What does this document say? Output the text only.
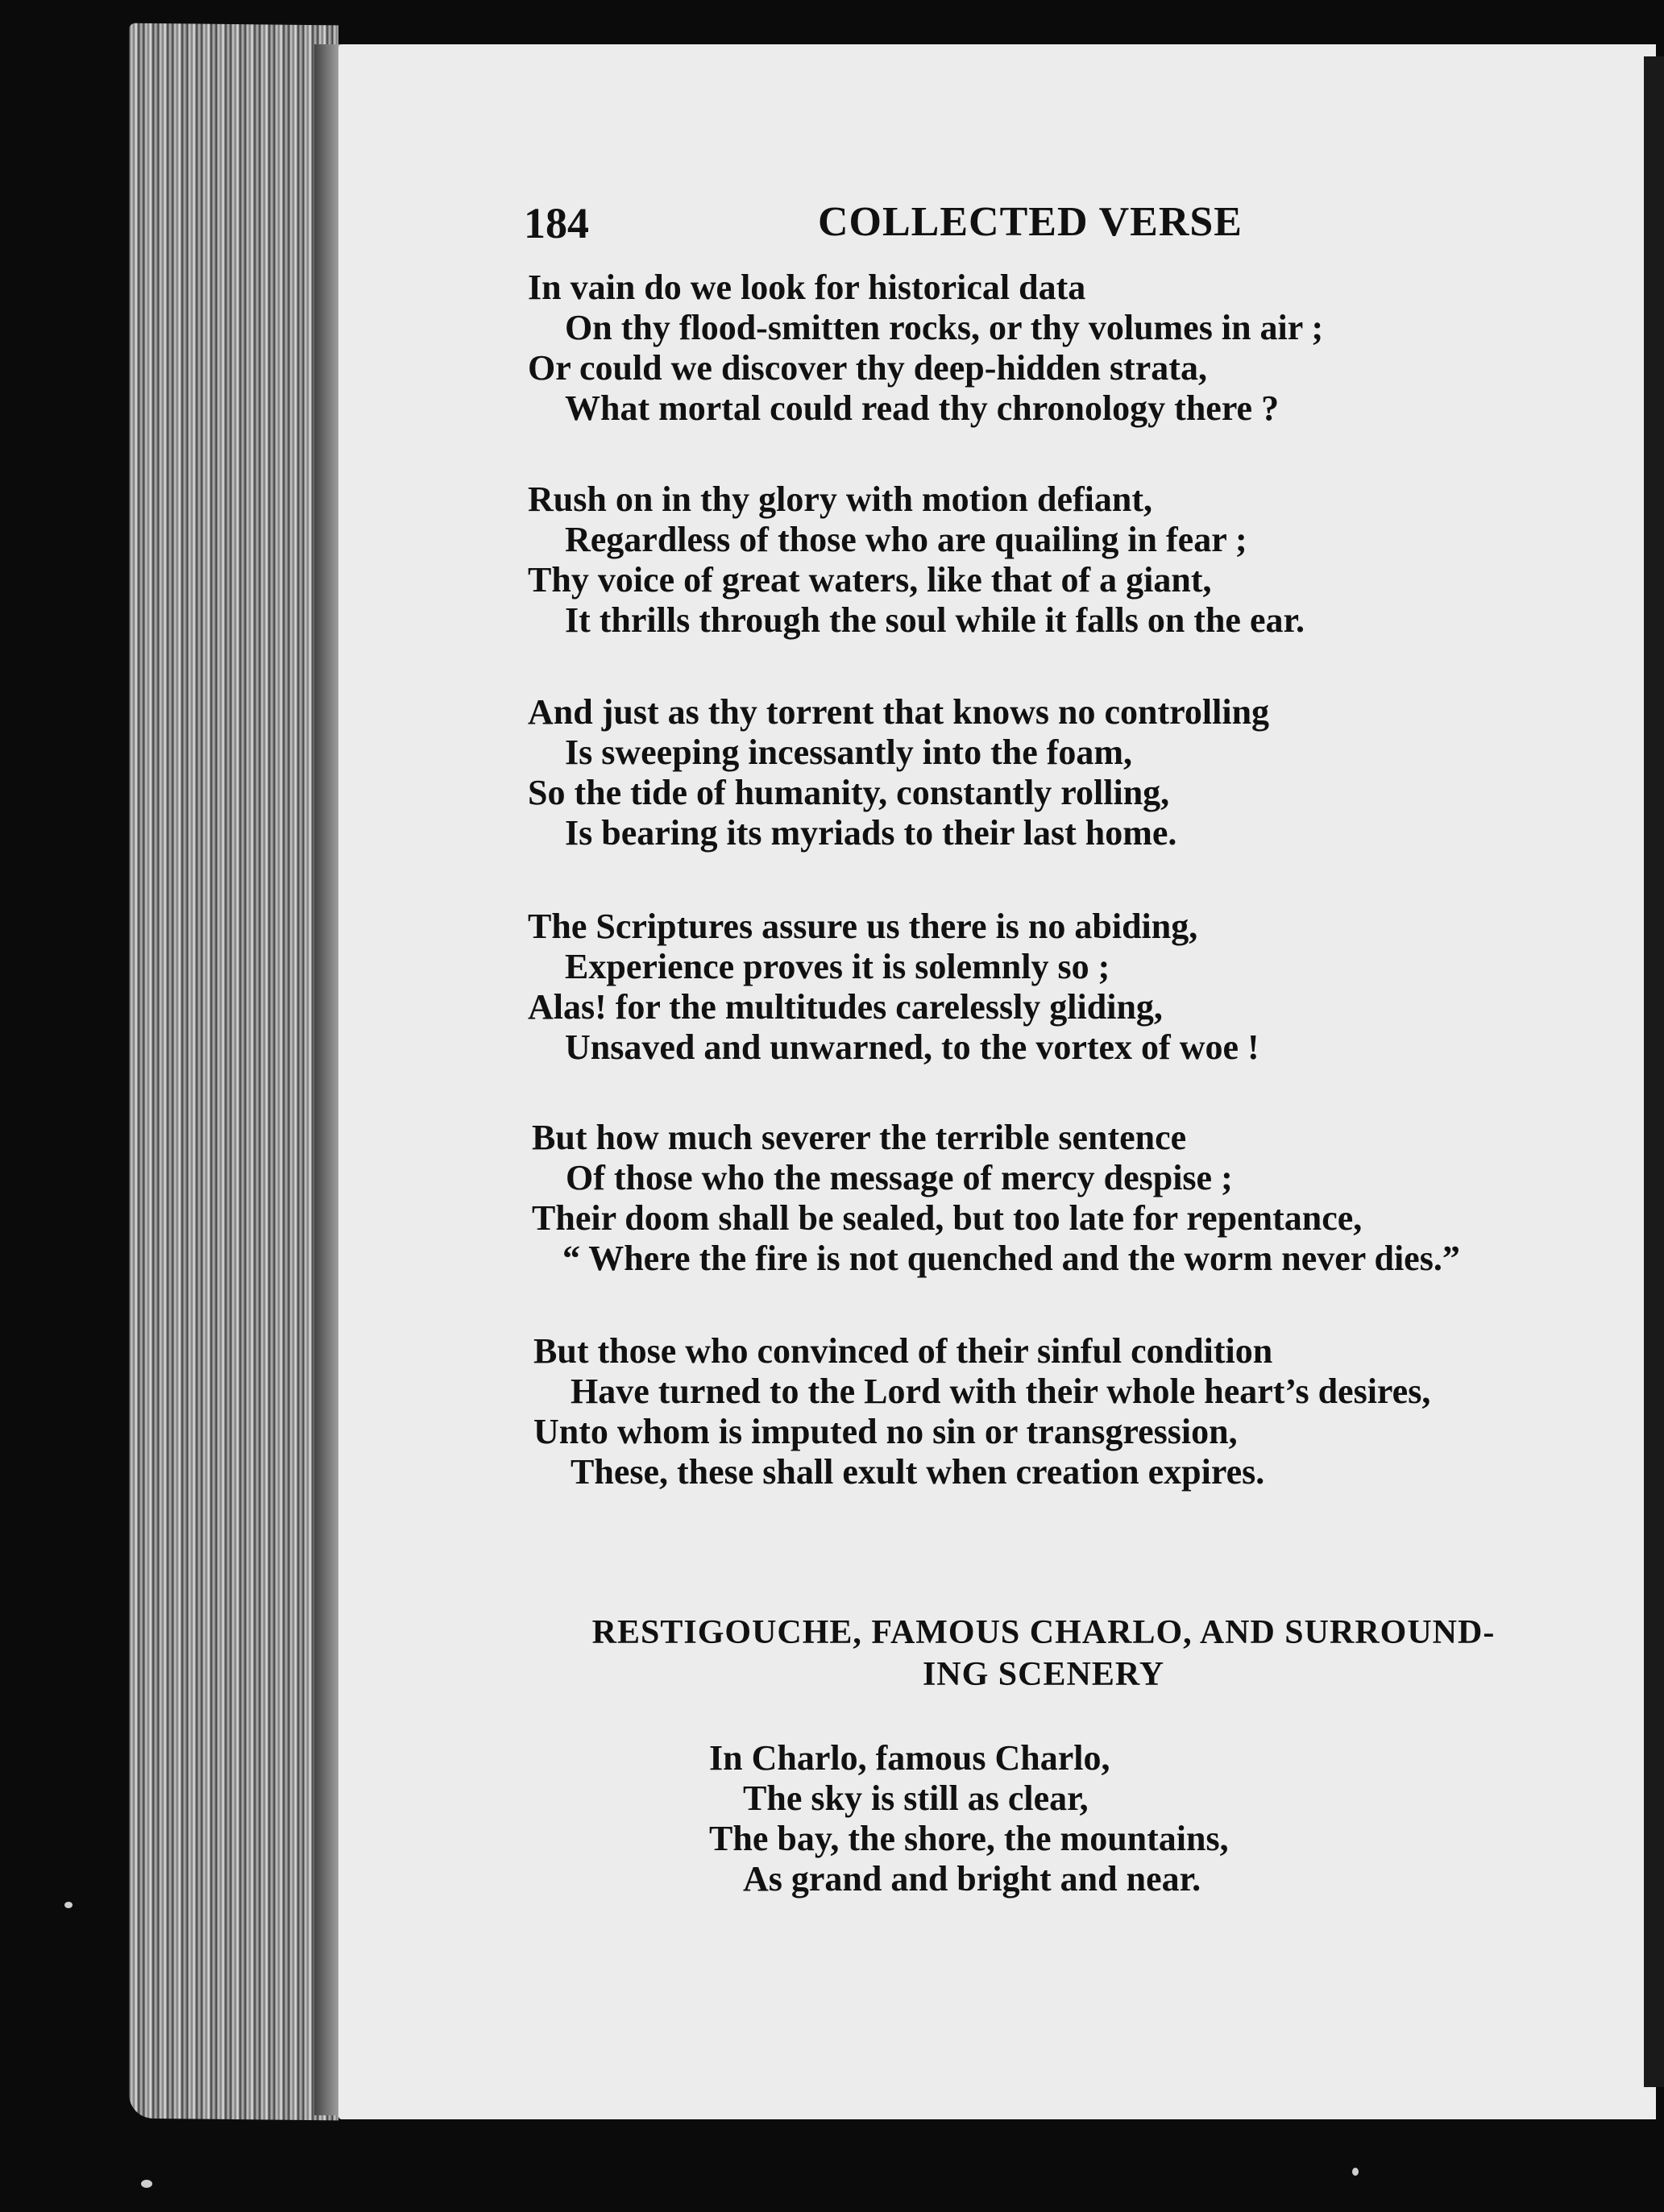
184	COLLECTED VERSE
In vain do we look for historical data
On thy flood-smitten rocks, or thy volumes in air ;
Or could we discover thy deep-hidden strata,
What mortal could read thy chronology there ?
Rush on in thy glory with motion defiant,
Regardless of those who are quailing in fear ;
Thy voice of great waters, like that of a giant,
It thrills through the soul while it falls on the ear.
And just as thy torrent that knows no controlling
Is sweeping incessantly into the foam,
So the tide of humanity, constantly rolling,
Is bearing its myriads to their last home.
The Scriptures assure us there is no abiding,
Experience proves it is solemnly so ;
Alas! for the multitudes carelessly gliding,
Unsaved and unwarned, to the vortex of woe !
But how much severer the terrible sentence
Of those who the message of mercy despise ;
Their doom shall be sealed, but too late for repentance,
“ Where the fire is not quenched and the worm never dies.”
But those who convinced of their sinful condition
Have turned to the Lord with their whole heart’s desires,
Unto whom is imputed no sin or transgression,
These, these shall exult when creation expires.
RESTIGOUCHE, FAMOUS CHARLO, AND SURROUND-
ING SCENERY
In Charlo, famous Charlo,
The sky is still as clear,
The bay, the shore, the mountains,
As grand and bright and near.
